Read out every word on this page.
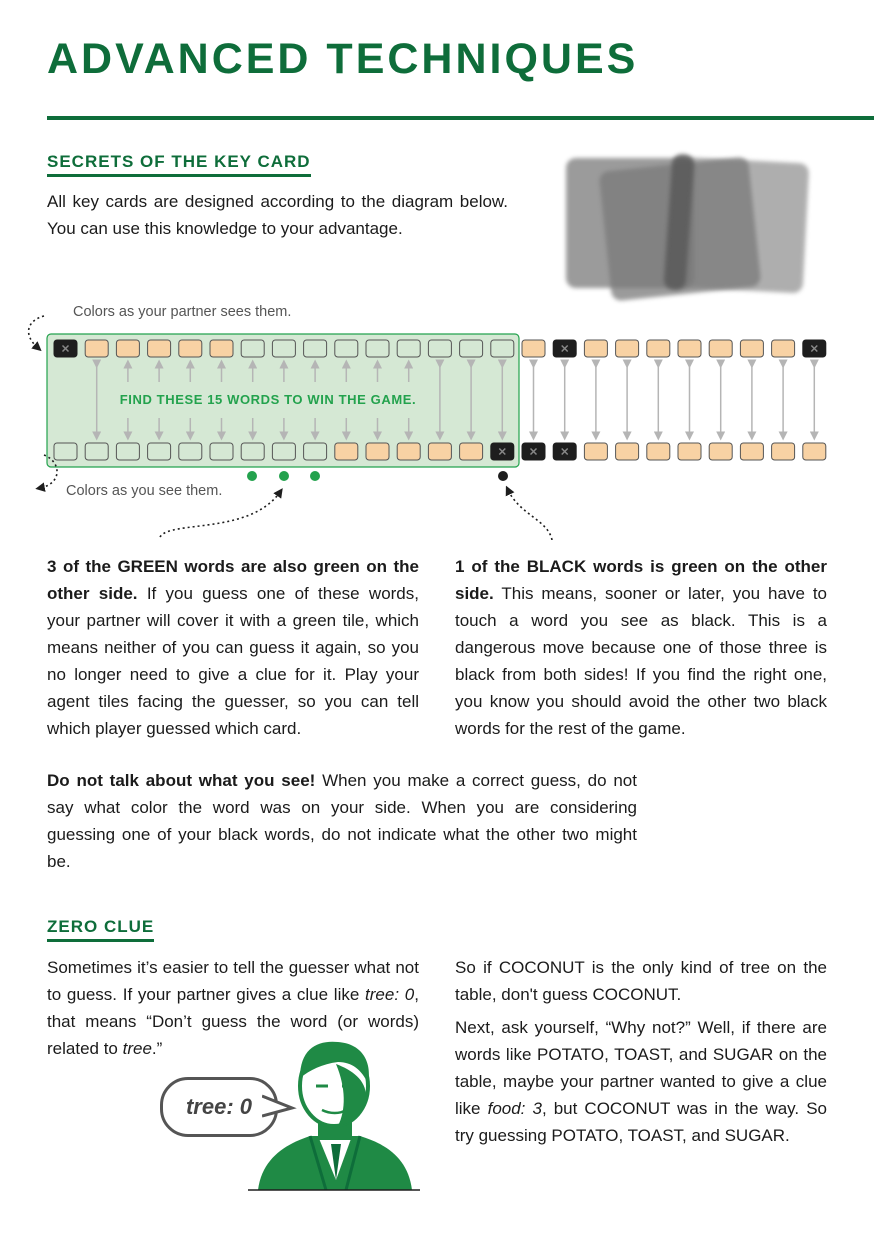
ADVANCED TECHNIQUES
SECRETS OF THE KEY CARD
All key cards are designed according to the diagram below. You can use this knowledge to your advantage.
FIND THESE 15 WORDS TO WIN THE GAME.
Colors as your partner sees them.
Colors as you see them.
3 of the GREEN words are also green on the other side. If you guess one of these words, your partner will cover it with a green tile, which means neither of you can guess it again, so you no longer need to give a clue for it. Play your agent tiles facing the guesser, so you can tell which player guessed which card.
1 of the BLACK words is green on the other side. This means, sooner or later, you have to touch a word you see as black. This is a dangerous move because one of those three is black from both sides! If you find the right one, you know you should avoid the other two black words for the rest of the game.
Do not talk about what you see! When you make a correct guess, do not say what color the word was on your side. When you are considering guessing one of your black words, do not indicate what the other two might be.
ZERO CLUE
Sometimes it’s easier to tell the guesser what not to guess. If your partner gives a clue like tree: 0, that means “Don’t guess the word (or words) related to tree.”
So if COCONUT is the only kind of tree on the table, don't guess COCONUT.
Next, ask yourself, “Why not?” Well, if there are words like POTATO, TOAST, and SUGAR on the table, maybe your partner wanted to give a clue like food: 3, but COCONUT was in the way. So try guessing POTATO, TOAST, and SUGAR.
tree: 0
